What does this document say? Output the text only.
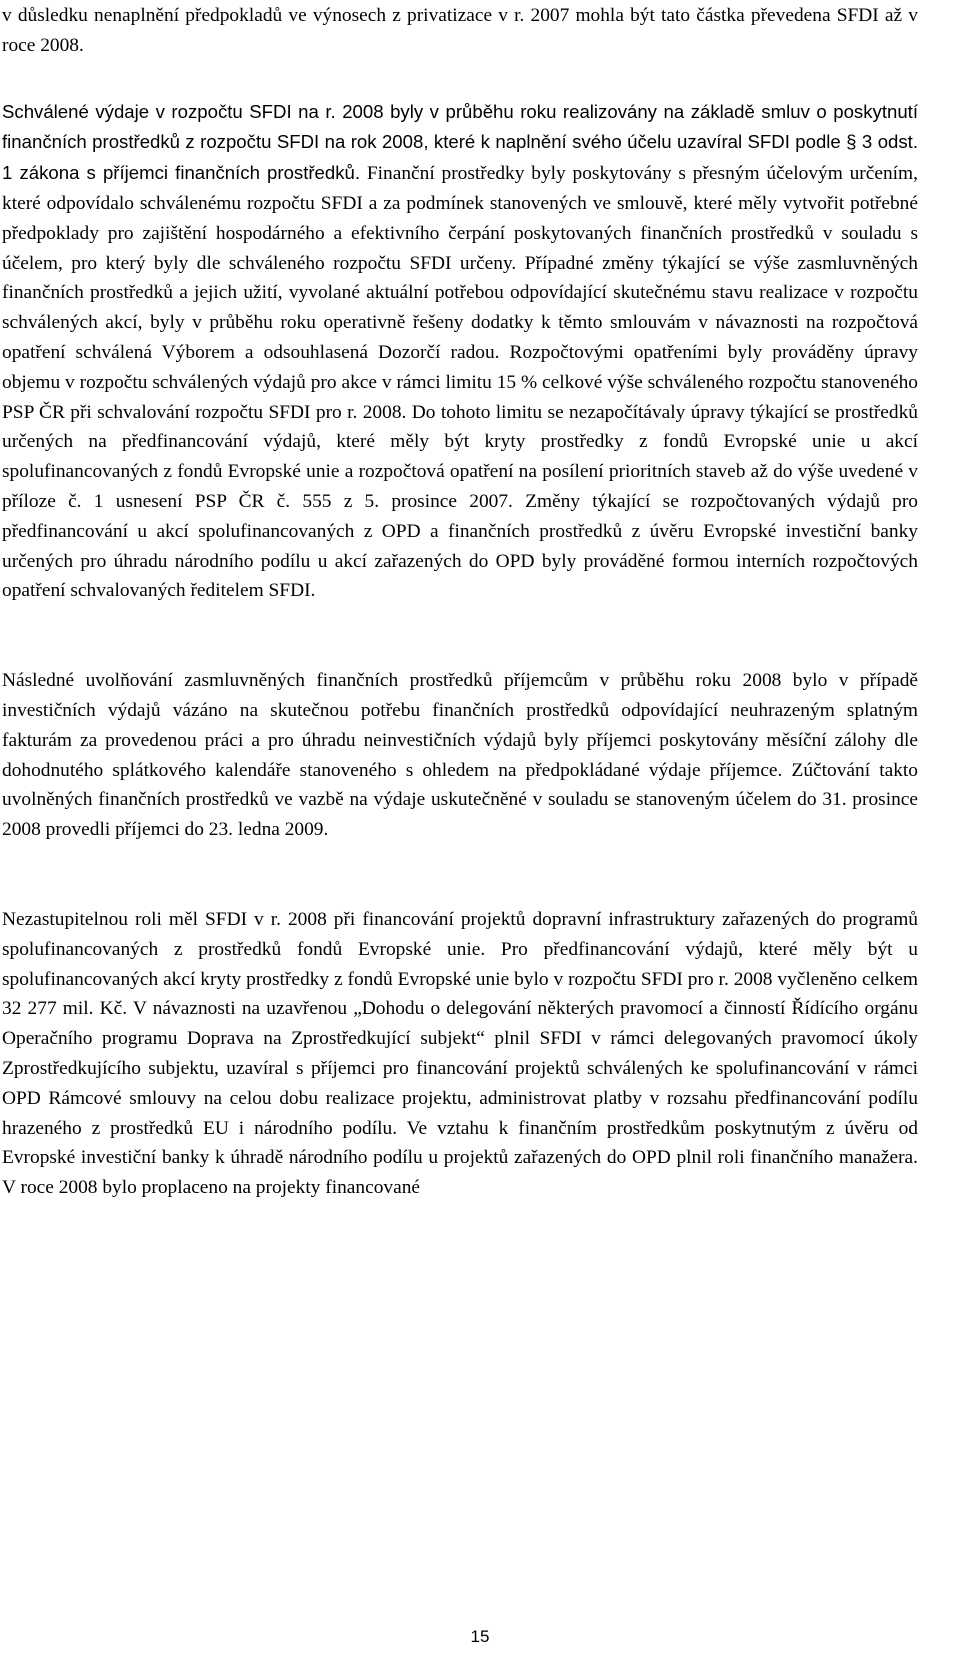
v důsledku nenaplnění předpokladů ve výnosech z privatizace v r. 2007 mohla být tato částka převedena SFDI až v roce 2008.

Schválené výdaje v rozpočtu SFDI na r. 2008 byly v průběhu roku realizovány na základě smluv o poskytnutí finančních prostředků z rozpočtu SFDI na rok 2008, které k naplnění svého účelu uzavíral SFDI podle § 3 odst. 1 zákona s příjemci finančních prostředků. Finanční prostředky byly poskytovány s přesným účelovým určením, které odpovídalo schválenému rozpočtu SFDI a za podmínek stanovených ve smlouvě, které měly vytvořit potřebné předpoklady pro zajištění hospodárného a efektivního čerpání poskytovaných finančních prostředků v souladu s účelem, pro který byly dle schváleného rozpočtu SFDI určeny. Případné změny týkající se výše zasmluvněných finančních prostředků a jejich užití, vyvolané aktuální potřebou odpovídající skutečnému stavu realizace v rozpočtu schválených akcí, byly v průběhu roku operativně řešeny dodatky k těmto smlouvám v návaznosti na rozpočtová opatření schválená Výborem a odsouhlasená Dozorčí radou. Rozpočtovými opatřeními byly prováděny úpravy objemu v rozpočtu schválených výdajů pro akce v rámci limitu 15 % celkové výše schváleného rozpočtu stanoveného PSP ČR při schvalování rozpočtu SFDI pro r. 2008. Do tohoto limitu se nezapočítávaly úpravy týkající se prostředků určených na předfinancování výdajů, které měly být kryty prostředky z fondů Evropské unie u akcí spolufinancovaných z fondů Evropské unie a rozpočtová opatření na posílení prioritních staveb až do výše uvedené v příloze č. 1 usnesení PSP ČR č. 555 z 5. prosince 2007. Změny týkající se rozpočtovaných výdajů pro předfinancování u akcí spolufinancovaných z OPD a finančních prostředků z úvěru Evropské investiční banky určených pro úhradu národního podílu u akcí zařazených do OPD byly prováděné formou interních rozpočtových opatření schvalovaných ředitelem SFDI.

Následné uvolňování zasmluvněných finančních prostředků příjemcům v průběhu roku 2008 bylo v případě investičních výdajů vázáno na skutečnou potřebu finančních prostředků odpovídající neuhrazeným splatným fakturám za provedenou práci a pro úhradu neinvestičních výdajů byly příjemci poskytovány měsíční zálohy dle dohodnutého splátkového kalendáře stanoveného s ohledem na předpokládané výdaje příjemce. Zúčtování takto uvolněných finančních prostředků ve vazbě na výdaje uskutečněné v souladu se stanoveným účelem do 31. prosince 2008 provedli příjemci do 23. ledna 2009.

Nezastupitelnou roli měl SFDI v r. 2008 při financování projektů dopravní infrastruktury zařazených do programů spolufinancovaných z prostředků fondů Evropské unie. Pro předfinancování výdajů, které měly být u spolufinancovaných akcí kryty prostředky z fondů Evropské unie bylo v rozpočtu SFDI pro r. 2008 vyčleněno celkem 32 277 mil. Kč. V návaznosti na uzavřenou „Dohodu o delegování některých pravomocí a činností Řídícího orgánu Operačního programu Doprava na Zprostředkující subjekt“ plnil SFDI v rámci delegovaných pravomocí úkoly Zprostředkujícího subjektu, uzavíral s příjemci pro financování projektů schválených ke spolufinancování v rámci OPD Rámcové smlouvy na celou dobu realizace projektu, administrovat platby v rozsahu předfinancování podílu hrazeného z prostředků EU i národního podílu. Ve vztahu k finančním prostředkům poskytnutým z úvěru od Evropské investiční banky k úhradě národního podílu u projektů zařazených do OPD plnil roli finančního manažera. V roce 2008 bylo proplaceno na projekty financované

15
